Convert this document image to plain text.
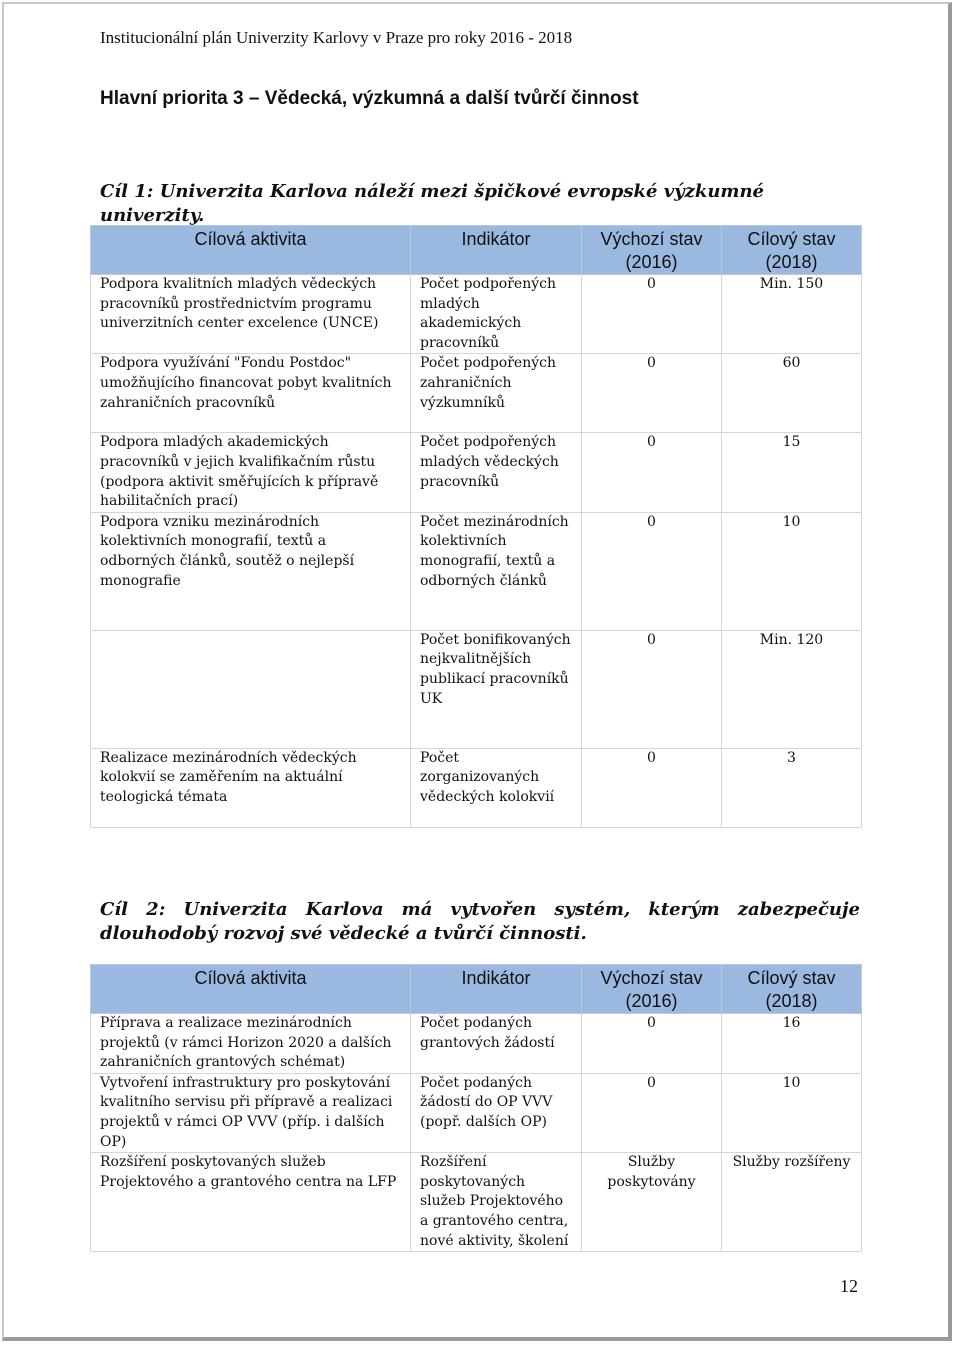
Institucionální plán Univerzity Karlovy v Praze pro roky 2016 - 2018
Hlavní priorita 3 – Vědecká, výzkumná a další tvůrčí činnost
Cíl 1: Univerzita Karlova náleží mezi špičkové evropské výzkumné univerzity.
Cílová aktivita	Indikátor	Výchozí stav (2016)	Cílový stav (2018)
Podpora kvalitních mladých vědeckých pracovníků prostřednictvím programu univerzitních center excelence (UNCE)	Počet podpořených mladých akademických pracovníků	0	Min. 150
Podpora využívání "Fondu Postdoc" umožňujícího financovat pobyt kvalitních zahraničních pracovníků	Počet podpořených zahraničních výzkumníků	0	60
Podpora mladých akademických pracovníků v jejich kvalifikačním růstu (podpora aktivit směřujících k přípravě habilitačních prací)	Počet podpořených mladých vědeckých pracovníků	0	15
Podpora vzniku mezinárodních kolektivních monografií, textů a odborných článků, soutěž o nejlepší monografie	Počet mezinárodních kolektivních monografií, textů a odborných článků	0	10
	Počet bonifikovaných nejkvalitnějších publikací pracovníků UK	0	Min. 120
Realizace mezinárodních vědeckých kolokvií se zaměřením na aktuální teologická témata	Počet zorganizovaných vědeckých kolokvií	0	3
Cíl 2: Univerzita Karlova má vytvořen systém, kterým zabezpečuje dlouhodobý rozvoj své vědecké a tvůrčí činnosti.
Cílová aktivita	Indikátor	Výchozí stav (2016)	Cílový stav (2018)
Příprava a realizace mezinárodních projektů (v rámci Horizon 2020 a dalších zahraničních grantových schémat)	Počet podaných grantových žádostí	0	16
Vytvoření infrastruktury pro poskytování kvalitního servisu při přípravě a realizaci projektů v rámci OP VVV (příp. i dalších OP)	Počet podaných žádostí do OP VVV (popř. dalších OP)	0	10
Rozšíření poskytovaných služeb Projektového a grantového centra na LFP	Rozšíření poskytovaných služeb Projektového a grantového centra, nové aktivity, školení	Služby poskytovány	Služby rozšířeny
12
